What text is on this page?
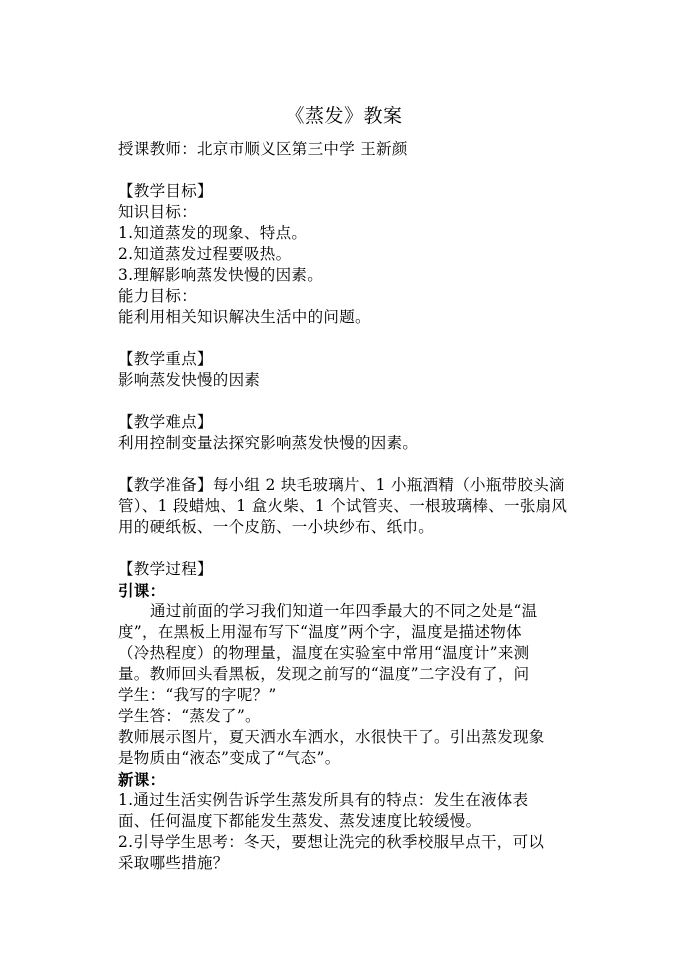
《蒸发》教案
授课教师：北京市顺义区第三中学 王新颜
【教学目标】
知识目标：
1.知道蒸发的现象、特点。
2.知道蒸发过程要吸热。
3.理解影响蒸发快慢的因素。
能力目标：
能利用相关知识解决生活中的问题。
【教学重点】
影响蒸发快慢的因素
【教学难点】
利用控制变量法探究影响蒸发快慢的因素。
【教学准备】每小组 2 块毛玻璃片、1 小瓶酒精（小瓶带胶头滴
管）、1 段蜡烛、1 盒火柴、1 个试管夹、一根玻璃棒、一张扇风
用的硬纸板、一个皮筋、一小块纱布、纸巾。
【教学过程】
引课：
通过前面的学习我们知道一年四季最大的不同之处是“温
度”，在黑板上用湿布写下“温度”两个字，温度是描述物体
（冷热程度）的物理量，温度在实验室中常用“温度计”来测
量。教师回头看黑板，发现之前写的“温度”二字没有了，问
学生：“我写的字呢？”
学生答：“蒸发了”。
教师展示图片，夏天洒水车洒水，水很快干了。引出蒸发现象
是物质由“液态”变成了“气态”。
新课：
1.通过生活实例告诉学生蒸发所具有的特点：发生在液体表
面、任何温度下都能发生蒸发、蒸发速度比较缓慢。
2.引导学生思考：冬天，要想让洗完的秋季校服早点干，可以
采取哪些措施？
